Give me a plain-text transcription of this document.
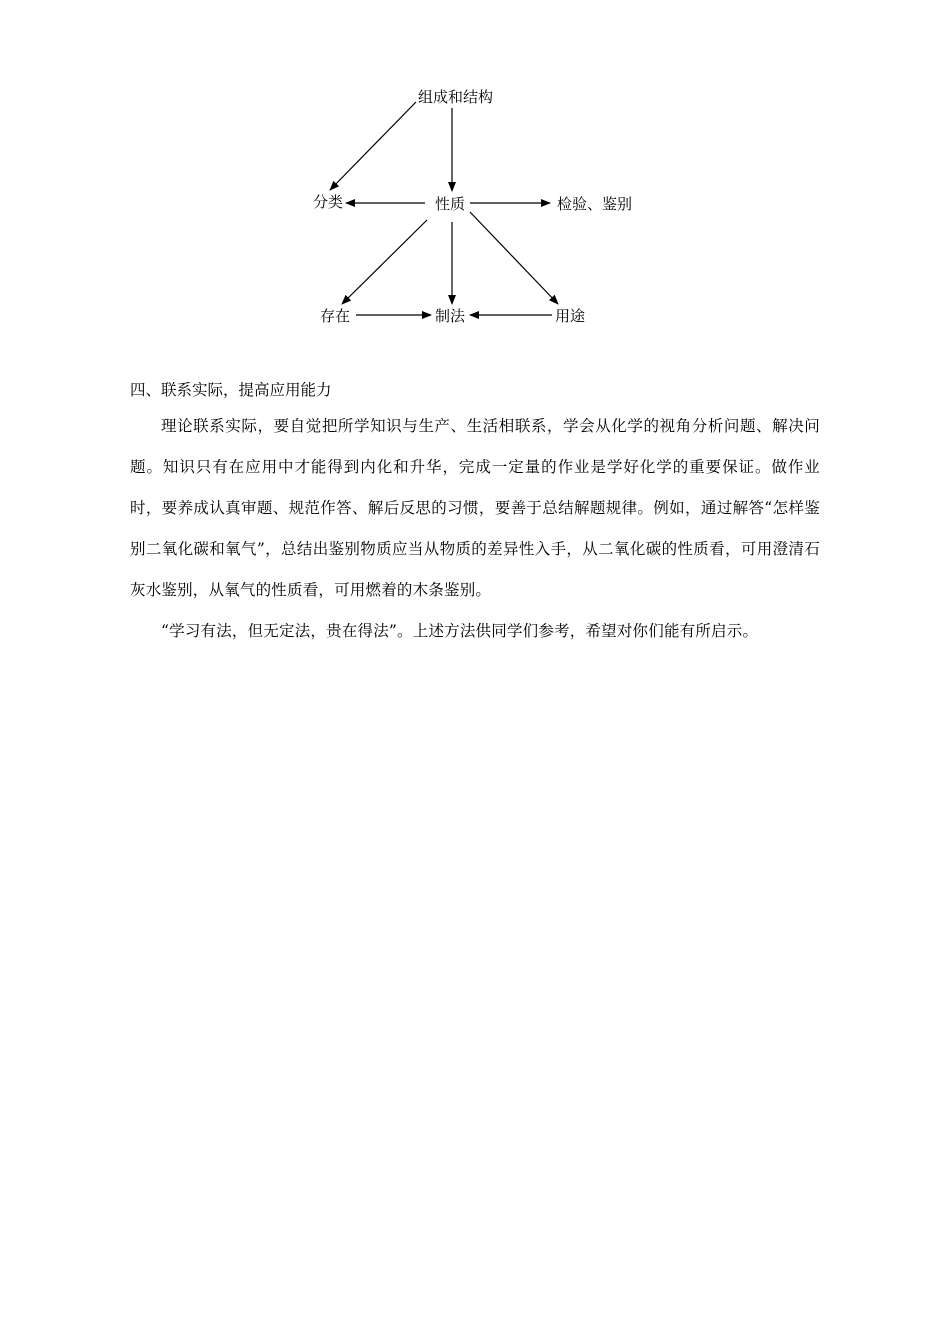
组成和结构
分类	性质	检验、鉴别
存在	制法	用途
四、联系实际，提高应用能力
理论联系实际，要自觉把所学知识与生产、生活相联系，学会从化学的视角分析问题、解决问题。知识只有在应用中才能得到内化和升华，完成一定量的作业是学好化学的重要保证。做作业时，要养成认真审题、规范作答、解后反思的习惯，要善于总结解题规律。例如，通过解答“怎样鉴别二氧化碳和氧气”，总结出鉴别物质应当从物质的差异性入手，从二氧化碳的性质看，可用澄清石灰水鉴别，从氧气的性质看，可用燃着的木条鉴别。
“学习有法，但无定法，贵在得法”。上述方法供同学们参考，希望对你们能有所启示。
